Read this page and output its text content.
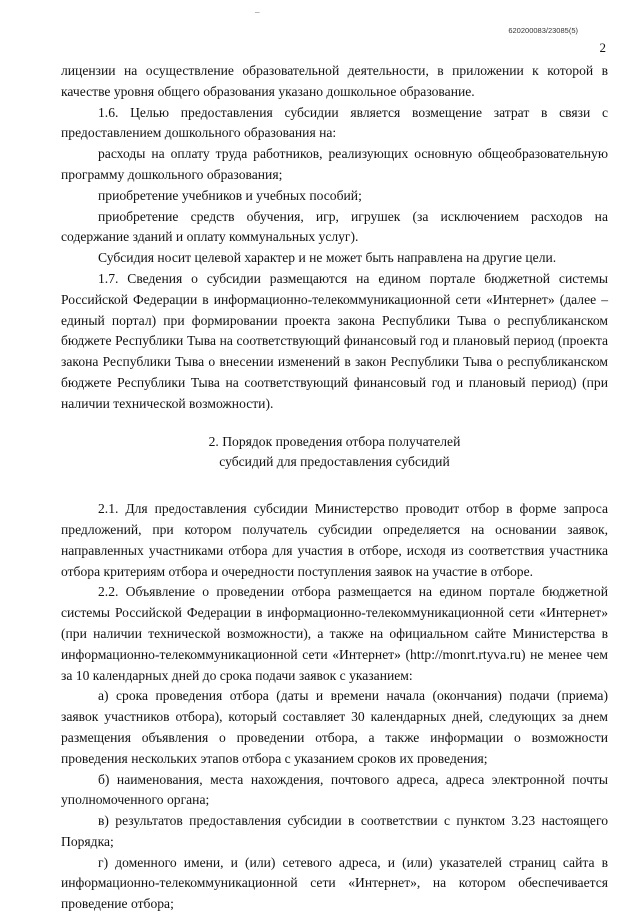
–
620200083/23085(5)
2

лицензии на осуществление образовательной деятельности, в приложении к которой в качестве уровня общего образования указано дошкольное образование.

1.6. Целью предоставления субсидии является возмещение затрат в связи с предоставлением дошкольного образования на:

расходы на оплату труда работников, реализующих основную общеобразовательную программу дошкольного образования;

приобретение учебников и учебных пособий;

приобретение средств обучения, игр, игрушек (за исключением расходов на содержание зданий и оплату коммунальных услуг).

Субсидия носит целевой характер и не может быть направлена на другие цели.

1.7. Сведения о субсидии размещаются на едином портале бюджетной системы Российской Федерации в информационно-телекоммуникационной сети «Интернет» (далее – единый портал) при формировании проекта закона Республики Тыва о республиканском бюджете Республики Тыва на соответствующий финансовый год и плановый период (проекта закона Республики Тыва о внесении изменений в закон Республики Тыва о республиканском бюджете Республики Тыва на соответствующий финансовый год и плановый период) (при наличии технической возможности).

2. Порядок проведения отбора получателей

субсидий для предоставления субсидий

2.1. Для предоставления субсидии Министерство проводит отбор в форме запроса предложений, при котором получатель субсидии определяется на основании заявок, направленных участниками отбора для участия в отборе, исходя из соответствия участника отбора критериям отбора и очередности поступления заявок на участие в отборе.

2.2. Объявление о проведении отбора размещается на едином портале бюджетной системы Российской Федерации в информационно-телекоммуникационной сети «Интернет» (при наличии технической возможности), а также на официальном сайте Министерства в информационно-телекоммуникационной сети «Интернет» (http://monrt.rtyva.ru) не менее чем за 10 календарных дней до срока подачи заявок с указанием:

а) срока проведения отбора (даты и времени начала (окончания) подачи (приема) заявок участников отбора), который составляет 30 календарных дней, следующих за днем размещения объявления о проведении отбора, а также информации о возможности проведения нескольких этапов отбора с указанием сроков их проведения;

б) наименования, места нахождения, почтового адреса, адреса электронной почты уполномоченного органа;

в) результатов предоставления субсидии в соответствии с пунктом 3.23 настоящего Порядка;

г) доменного имени, и (или) сетевого адреса, и (или) указателей страниц сайта в информационно-телекоммуникационной сети «Интернет», на котором обеспечивается проведение отбора;
